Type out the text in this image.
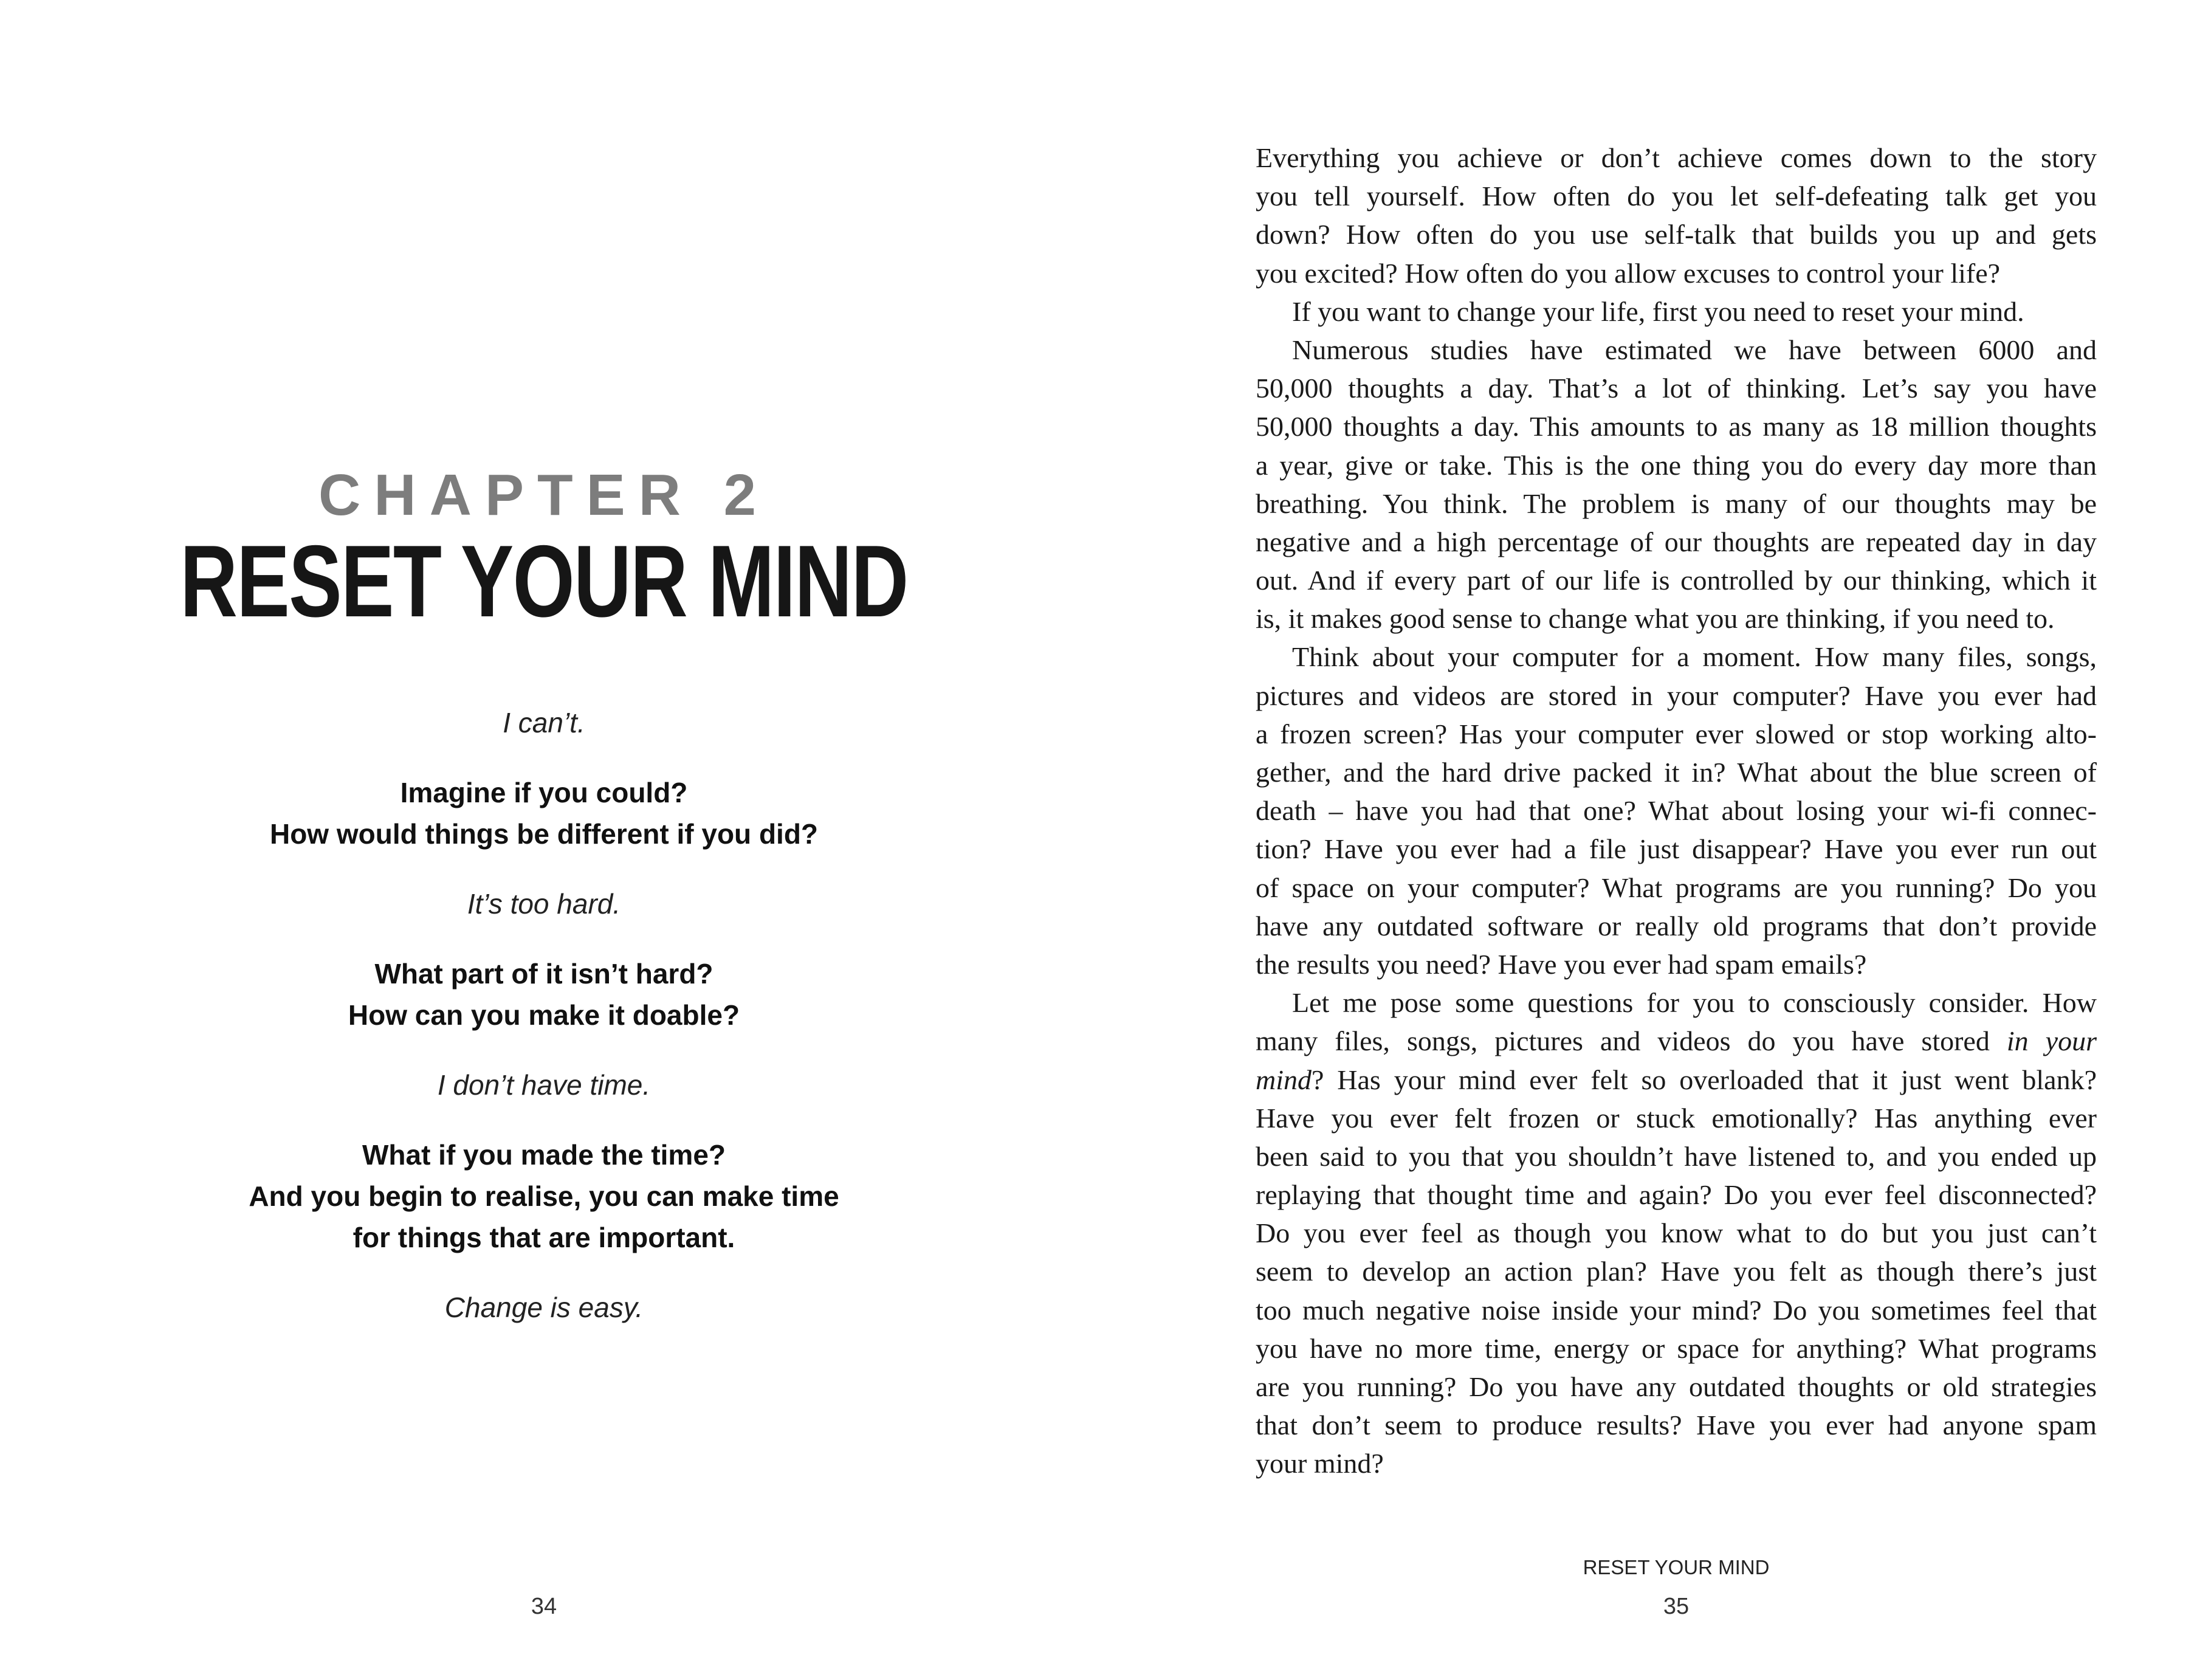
CHAPTER 2
RESET YOUR MIND
I can’t.
Imagine if you could?
How would things be different if you did?
It’s too hard.
What part of it isn’t hard?
How can you make it doable?
I don’t have time.
What if you made the time?
And you begin to realise, you can make time
for things that are important.
Change is easy.
34
Everything you achieve or don’t achieve comes down to the story
you tell yourself. How often do you let self-defeating talk get you
down? How often do you use self-talk that builds you up and gets
you excited? How often do you allow excuses to control your life?
If you want to change your life, first you need to reset your mind.
Numerous studies have estimated we have between 6000 and
50,000 thoughts a day. That’s a lot of thinking. Let’s say you have
50,000 thoughts a day. This amounts to as many as 18 million thoughts
a year, give or take. This is the one thing you do every day more than
breathing. You think. The problem is many of our thoughts may be
negative and a high percentage of our thoughts are repeated day in day
out. And if every part of our life is controlled by our thinking, which it
is, it makes good sense to change what you are thinking, if you need to.
Think about your computer for a moment. How many files, songs,
pictures and videos are stored in your computer? Have you ever had
a frozen screen? Has your computer ever slowed or stop working alto-
gether, and the hard drive packed it in? What about the blue screen of
death – have you had that one? What about losing your wi-fi connec-
tion? Have you ever had a file just disappear? Have you ever run out
of space on your computer? What programs are you running? Do you
have any outdated software or really old programs that don’t provide
the results you need? Have you ever had spam emails?
Let me pose some questions for you to consciously consider. How
many files, songs, pictures and videos do you have stored in your
mind? Has your mind ever felt so overloaded that it just went blank?
Have you ever felt frozen or stuck emotionally? Has anything ever
been said to you that you shouldn’t have listened to, and you ended up
replaying that thought time and again? Do you ever feel disconnected?
Do you ever feel as though you know what to do but you just can’t
seem to develop an action plan? Have you felt as though there’s just
too much negative noise inside your mind? Do you sometimes feel that
you have no more time, energy or space for anything? What programs
are you running? Do you have any outdated thoughts or old strategies
that don’t seem to produce results? Have you ever had anyone spam
your mind?
RESET YOUR MIND
35
